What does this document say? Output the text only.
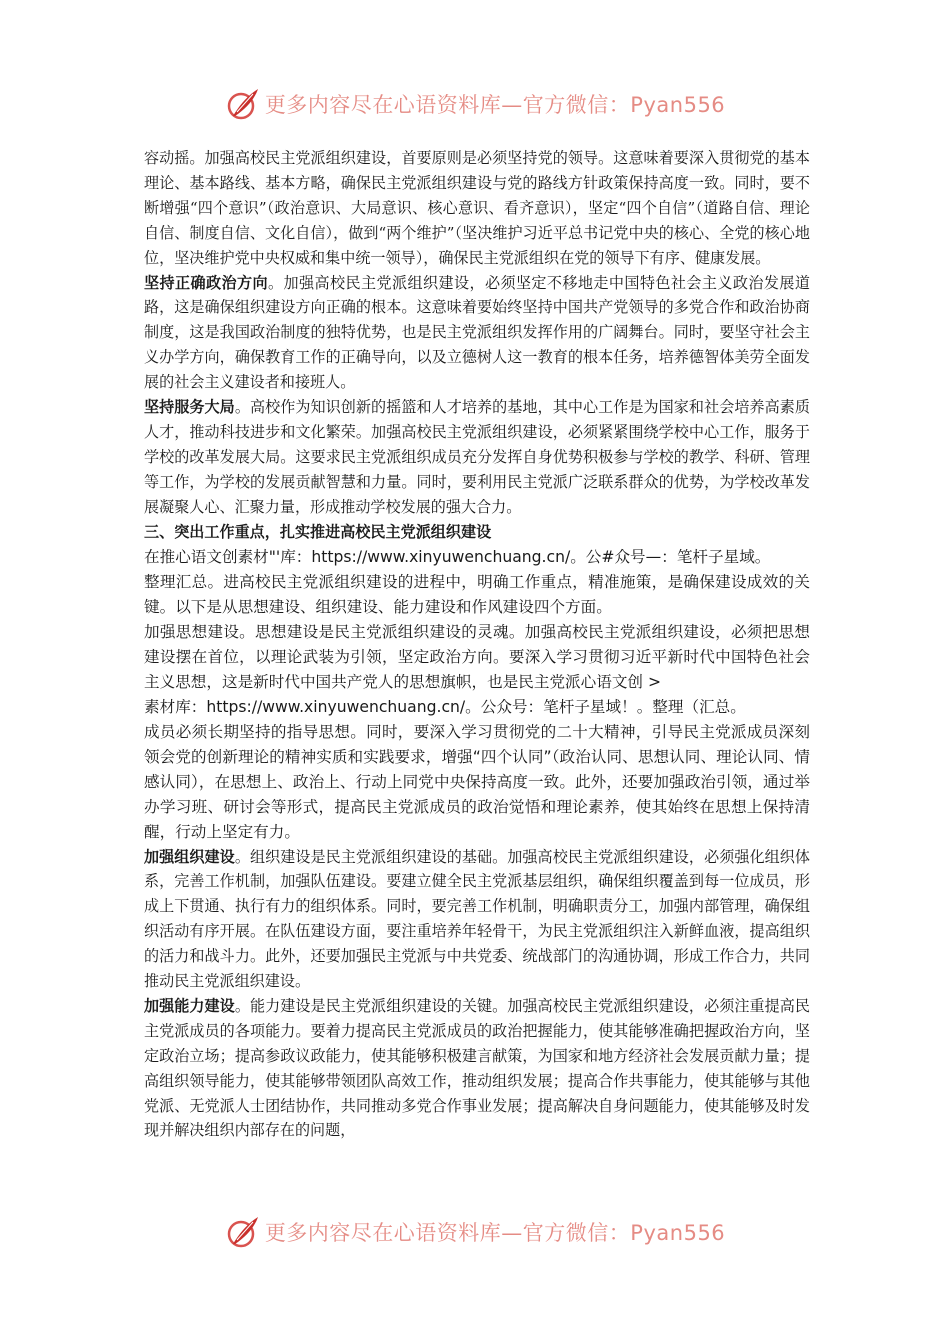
更多内容尽在心语资料库—官方微信：Pyan556

容动摇。加强高校民主党派组织建设，首要原则是必须坚持党的领导。这意味着要深入贯彻党的基本理论、基本路线、基本方略，确保民主党派组织建设与党的路线方针政策保持高度一致。同时，要不断增强“四个意识”（政治意识、大局意识、核心意识、看齐意识），坚定“四个自信”（道路自信、理论自信、制度自信、文化自信），做到“两个维护”（坚决维护习近平总书记党中央的核心、全党的核心地位，坚决维护党中央权威和集中统一领导），确保民主党派组织在党的领导下有序、健康发展。

坚持正确政治方向。加强高校民主党派组织建设，必须坚定不移地走中国特色社会主义政治发展道路，这是确保组织建设方向正确的根本。这意味着要始终坚持中国共产党领导的多党合作和政治协商制度，这是我国政治制度的独特优势，也是民主党派组织发挥作用的广阔舞台。同时，要坚守社会主义办学方向，确保教育工作的正确导向，以及立德树人这一教育的根本任务，培养德智体美劳全面发展的社会主义建设者和接班人。

坚持服务大局。高校作为知识创新的摇篮和人才培养的基地，其中心工作是为国家和社会培养高素质人才，推动科技进步和文化繁荣。加强高校民主党派组织建设，必须紧紧围绕学校中心工作，服务于学校的改革发展大局。这要求民主党派组织成员充分发挥自身优势积极参与学校的教学、科研、管理等工作，为学校的发展贡献智慧和力量。同时，要利用民主党派广泛联系群众的优势，为学校改革发展凝聚人心、汇聚力量，形成推动学校发展的强大合力。

三、突出工作重点，扎实推进高校民主党派组织建设

在推心语文创素材"'库：https://www.xinyuwenchuang.cn/。公#众号—：笔杆子星域。
整理汇总。进高校民主党派组织建设的进程中，明确工作重点，精准施策，是确保建设成效的关键。以下是从思想建设、组织建设、能力建设和作风建设四个方面。

加强思想建设。思想建设是民主党派组织建设的灵魂。加强高校民主党派组织建设，必须把思想建设摆在首位，以理论武装为引领，坚定政治方向。要深入学习贯彻习近平新时代中国特色社会主义思想，这是新时代中国共产党人的思想旗帜，也是民主党派心语文创 >
素材库：https://www.xinyuwenchuang.cn/。公众号：笔杆子星域！。整理（汇总。
成员必须长期坚持的指导思想。同时，要深入学习贯彻党的二十大精神，引导民主党派成员深刻领会党的创新理论的精神实质和实践要求，增强“四个认同”（政治认同、思想认同、理论认同、情感认同），在思想上、政治上、行动上同党中央保持高度一致。此外，还要加强政治引领，通过举办学习班、研讨会等形式，提高民主党派成员的政治觉悟和理论素养，使其始终在思想上保持清醒，行动上坚定有力。

加强组织建设。组织建设是民主党派组织建设的基础。加强高校民主党派组织建设，必须强化组织体系，完善工作机制，加强队伍建设。要建立健全民主党派基层组织，确保组织覆盖到每一位成员，形成上下贯通、执行有力的组织体系。同时，要完善工作机制，明确职责分工，加强内部管理，确保组织活动有序开展。在队伍建设方面，要注重培养年轻骨干，为民主党派组织注入新鲜血液，提高组织的活力和战斗力。此外，还要加强民主党派与中共党委、统战部门的沟通协调，形成工作合力，共同推动民主党派组织建设。

加强能力建设。能力建设是民主党派组织建设的关键。加强高校民主党派组织建设，必须注重提高民主党派成员的各项能力。要着力提高民主党派成员的政治把握能力，使其能够准确把握政治方向，坚定政治立场；提高参政议政能力，使其能够积极建言献策，为国家和地方经济社会发展贡献力量；提高组织领导能力，使其能够带领团队高效工作，推动组织发展；提高合作共事能力，使其能够与其他党派、无党派人士团结协作，共同推动多党合作事业发展；提高解决自身问题能力，使其能够及时发现并解决组织内部存在的问题，

更多内容尽在心语资料库—官方微信：Pyan556
